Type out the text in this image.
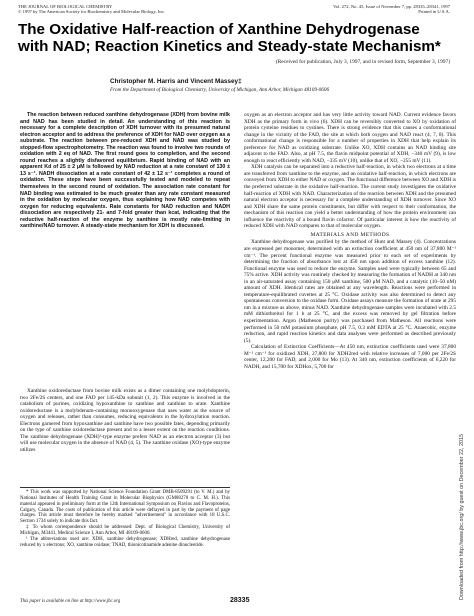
THE JOURNAL OF BIOLOGICAL CHEMISTRY
© 1997 by The American Society for Biochemistry and Molecular Biology, Inc.
Vol. 272, No. 45, Issue of November 7, pp. 28335–28341, 1997
Printed in U.S.A.
The Oxidative Half-reaction of Xanthine Dehydrogenase with NAD; Reaction Kinetics and Steady-state Mechanism*
(Received for publication, July 3, 1997, and in revised form, September 3, 1997)
Christopher M. Harris and Vincent Massey‡
From the Department of Biological Chemistry, University of Michigan, Ann Arbor, Michigan 48109-0606

The reaction between reduced xanthine dehydrogenase (XDH) from bovine milk and NAD has been studied in detail. An understanding of this reaction is necessary for a complete description of XDH turnover with its presumed natural electron acceptor and to address the preference of XDH for NAD over oxygen as a substrate. The reaction between pre-reduced XDH and NAD was studied by stopped-flow spectrophotometry. The reaction was found to involve two rounds of oxidation with 2 eq of NAD. The first round goes to completion, and the second round reaches a slightly disfavored equilibrium. Rapid binding of NAD with an apparent Kd of 25 ± 2 μM is followed by NAD reduction at a rate constant of 130 ± 13 s⁻¹. NADH dissociation at a rate constant of 42 ± 12 s⁻¹ completes a round of oxidation. These steps have been successfully tested and modeled to repeat themselves in the second round of oxidation. The association rate constant for NAD binding was estimated to be much greater than any rate constant measured in the oxidation by molecular oxygen, thus explaining how NAD competes with oxygen for reducing equivalents. Rate constants for NAD reduction and NADH dissociation are respectively 21- and 7-fold greater than kcat, indicating that the reductive half-reaction of the enzyme by xanthine is mostly rate-limiting in xanthine/NAD turnover. A steady-state mechanism for XDH is discussed.

Xanthine oxidoreductase from bovine milk exists as a dimer containing one molybdopterin, two 2Fe/2S centers, and one FAD per 145-kDa subunit (1, 2). This enzyme is involved in the catabolism of purines, oxidizing hypoxanthine to xanthine and xanthine to urate. Xanthine oxidoreductase is a molybdenum-containing monooxygenase that uses water as the source of oxygen and releases, rather than consumes, reducing equivalents in the hydroxylation reaction. Electrons garnered from hypoxanthine and xanthine have two possible fates, depending primarily on the type of xanthine oxidoreductase present and to a lesser extent on the reaction conditions. The xanthine dehydrogenase (XDH)¹-type enzyme prefers NAD as an electron acceptor (3) but will use molecular oxygen in the absence of NAD (4, 5). The xanthine oxidase (XO)-type enzyme utilizes

* This work was supported by National Science Foundation Grant DMB-8509291 (to V. M.) and by National Institutes of Health Training Grant in Molecular Biophysics (GM08270 to C. M. H.). This material appeared in preliminary form at the 12th International Symposium on Flavins and Flavoproteins, Calgary, Canada. The costs of publication of this article were defrayed in part by the payment of page charges. This article must therefore be hereby marked "advertisement" in accordance with 18 U.S.C. Section 1734 solely to indicate this fact.

‡ To whom correspondence should be addressed: Dept. of Biological Chemistry, University of Michigan, M3441, Medical Science I, Ann Arbor, MI 48109-0606.

¹ The abbreviations used are: XDH, xanthine dehydrogenase; XDHred, xanthine dehydrogenase reduced by x electrons; XO, xanthine oxidase; TNAD, thionicotinamide adenine dinucleotide.

This paper is available on line at http://www.jbc.org	28335

oxygen as an electron acceptor and has very little activity toward NAD. Current evidence favors XDH as the primary form in vivo (6). XDH can be reversibly converted to XO by oxidation of protein cysteine residues to cystines. There is strong evidence that this causes a conformational change in the vicinity of the FAD, the site at which both oxygen and NAD react (4, 7, 8). This conformational change is responsible for a number of properties in XDH that help explain its preference for NAD as oxidizing substrate. Unlike XO, XDH contains an NAD binding site adjacent to the FAD. Also, at pH 7.5, the flavin midpoint potential of XDH, −340 mV (9), is low enough to react efficiently with NAD, −335 mV (10), unlike that of XO, −255 mV (11).

XDH catalysis can be separated into a reductive half-reaction, in which two electrons at a time are transferred from xanthine to the enzyme, and an oxidative half-reaction, in which electrons are conveyed from XDH to either NAD or oxygen. The functional difference between XO and XDH is the preferred substrate in the oxidative half-reaction. The current study investigates the oxidative half-reaction of XDH with NAD. Characterization of the reaction between XDH and the presumed natural electron acceptor is necessary for a complete understanding of XDH turnover. Since XO and XDH share the same protein constituents, but differ with respect to their conformation, the mechanism of this reaction can yield a better understanding of how the protein environment can influence the reactivity of a bound flavin cofactor. Of particular interest is how the reactivity of reduced XDH with NAD compares to that of molecular oxygen.

MATERIALS AND METHODS

Xanthine dehydrogenase was purified by the method of Hunt and Massey (4). Concentrations are expressed per monomer, determined with an extinction coefficient at 450 nm of 37,800 M⁻¹ cm⁻¹. The percent functional enzyme was measured prior to each set of experiments by determining the fraction of absorbance lost at 450 nm upon addition of excess xanthine (12). Functional enzyme was used to reduce the enzyme. Samples used were typically between 65 and 75% active. XDH activity was routinely checked by measuring the formation of NADH at 340 nm in an air-saturated assay containing 150 μM xanthine, 500 μM NAD, and a catalytic (10–50 nM) amount of XDH. Identical rates are obtained at any wavelength. Reactions were performed in temperature-equilibrated cuvettes at 25 °C. Oxidase activity was also determined to detect any spontaneous conversion to the oxidase form. Oxidase assays measure the formation of urate at 295 nm in a mixture as above, minus NAD. Xanthine dehydrogenase samples were incubated with 2.5 mM dithiothreitol for 1 h at 25 °C, and the excess was removed by gel filtration before experimentation. Argon (Matheson purity) was purchased from Matheson. All reactions were performed in 50 mM potassium phosphate, pH 7.5, 0.3 mM EDTA at 25 °C. Anaerobic, enzyme reduction, and rapid reaction kinetics and data analyses were performed as described previously (5).

Calculation of Extinction Coefficients—At 450 nm, extinction coefficients used were 37,800 M⁻¹ cm⁻¹ for oxidized XDH, 27,800 for XDH2red with relative increases of 7,000 per 2Fe/2S center, 12,200 for FAD, and 2,000 for Mo (13). At 340 nm, extinction coefficients of 6,220 for NADH, and 15,700 for XDHox, 5,700 for

Downloaded from http://www.jbc.org/ by guest on December 22, 2015
